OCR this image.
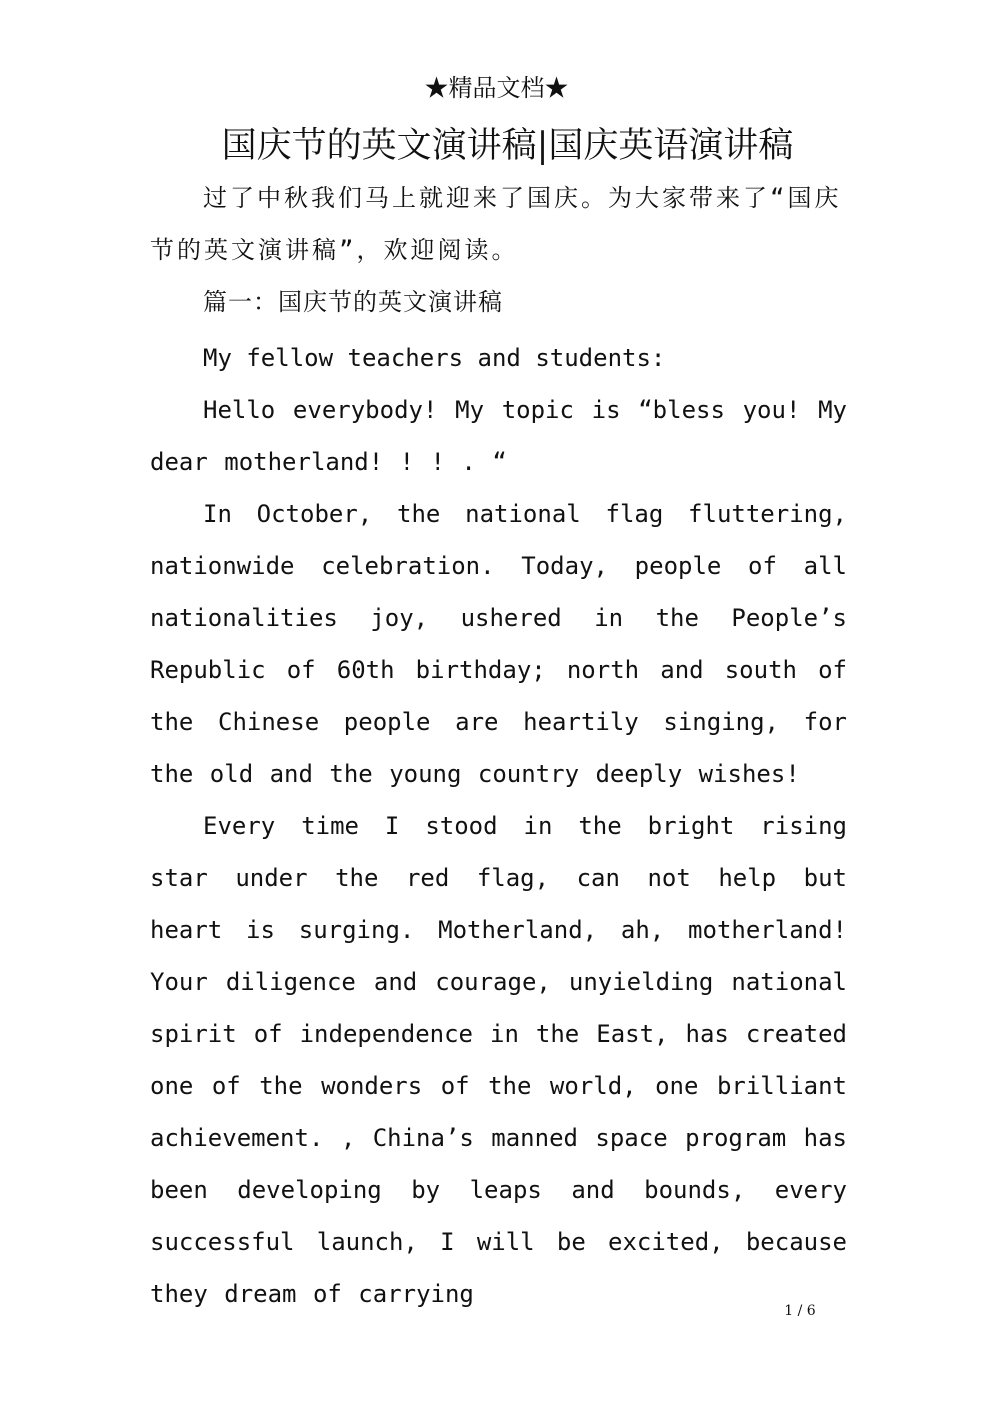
★精品文档★
国庆节的英文演讲稿|国庆英语演讲稿

过了中秋我们马上就迎来了国庆。为大家带来了“国庆节的英文演讲稿”，欢迎阅读。

篇一：国庆节的英文演讲稿

My fellow teachers and students:

Hello everybody! My topic is “bless you! My dear motherland! ! ! . “

In October, the national flag fluttering, nationwide celebration. Today, people of all nationalities joy, ushered in the People’s Republic of 60th birthday; north and south of the Chinese people are heartily singing, for the old and the young country deeply wishes!

Every time I stood in the bright rising star under the red flag, can not help but heart is surging. Motherland, ah, motherland! Your diligence and courage, unyielding national spirit of independence in the East, has created one of the wonders of the world, one brilliant achievement. , China’s manned space program has been developing by leaps and bounds, every successful launch, I will be excited, because they dream of carrying

1 / 6
